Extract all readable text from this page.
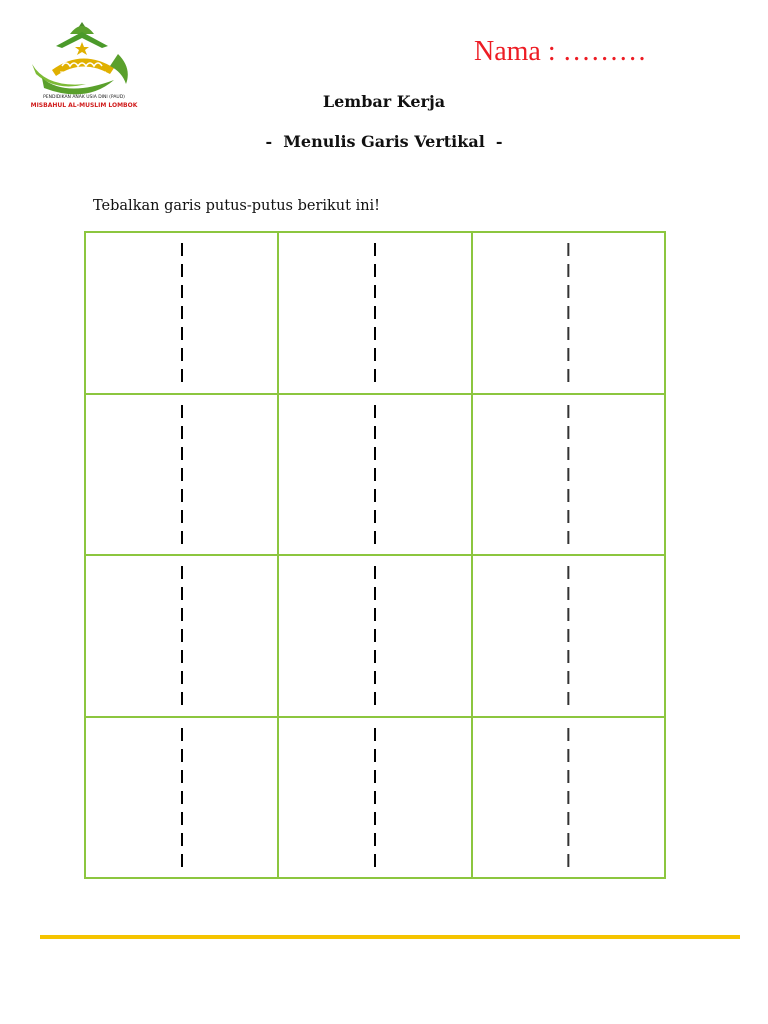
PENDIDIKAN ANAK USIA DINI (PAUD)
MISBAHUL AL-MUSLIM LOMBOK
Nama : ………
Lembar Kerja
-  Menulis Garis Vertikal  -
Tebalkan garis putus-putus berikut ini!
